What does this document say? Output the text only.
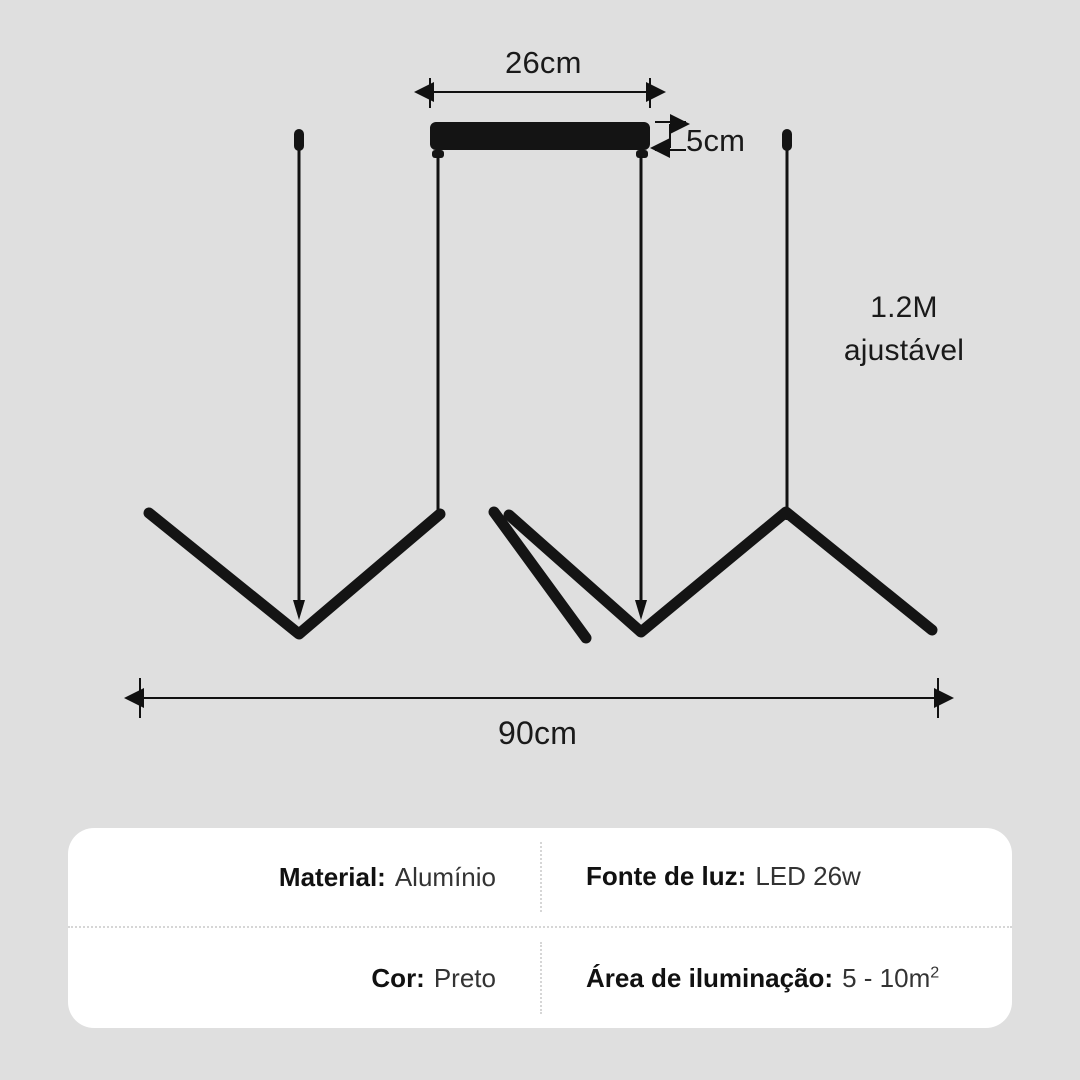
26cm
5cm
1.2M
ajustável
90cm
Material: Alumínio	Fonte de luz: LED 26w
Cor: Preto	Área de iluminação: $5 - 10m^2$
